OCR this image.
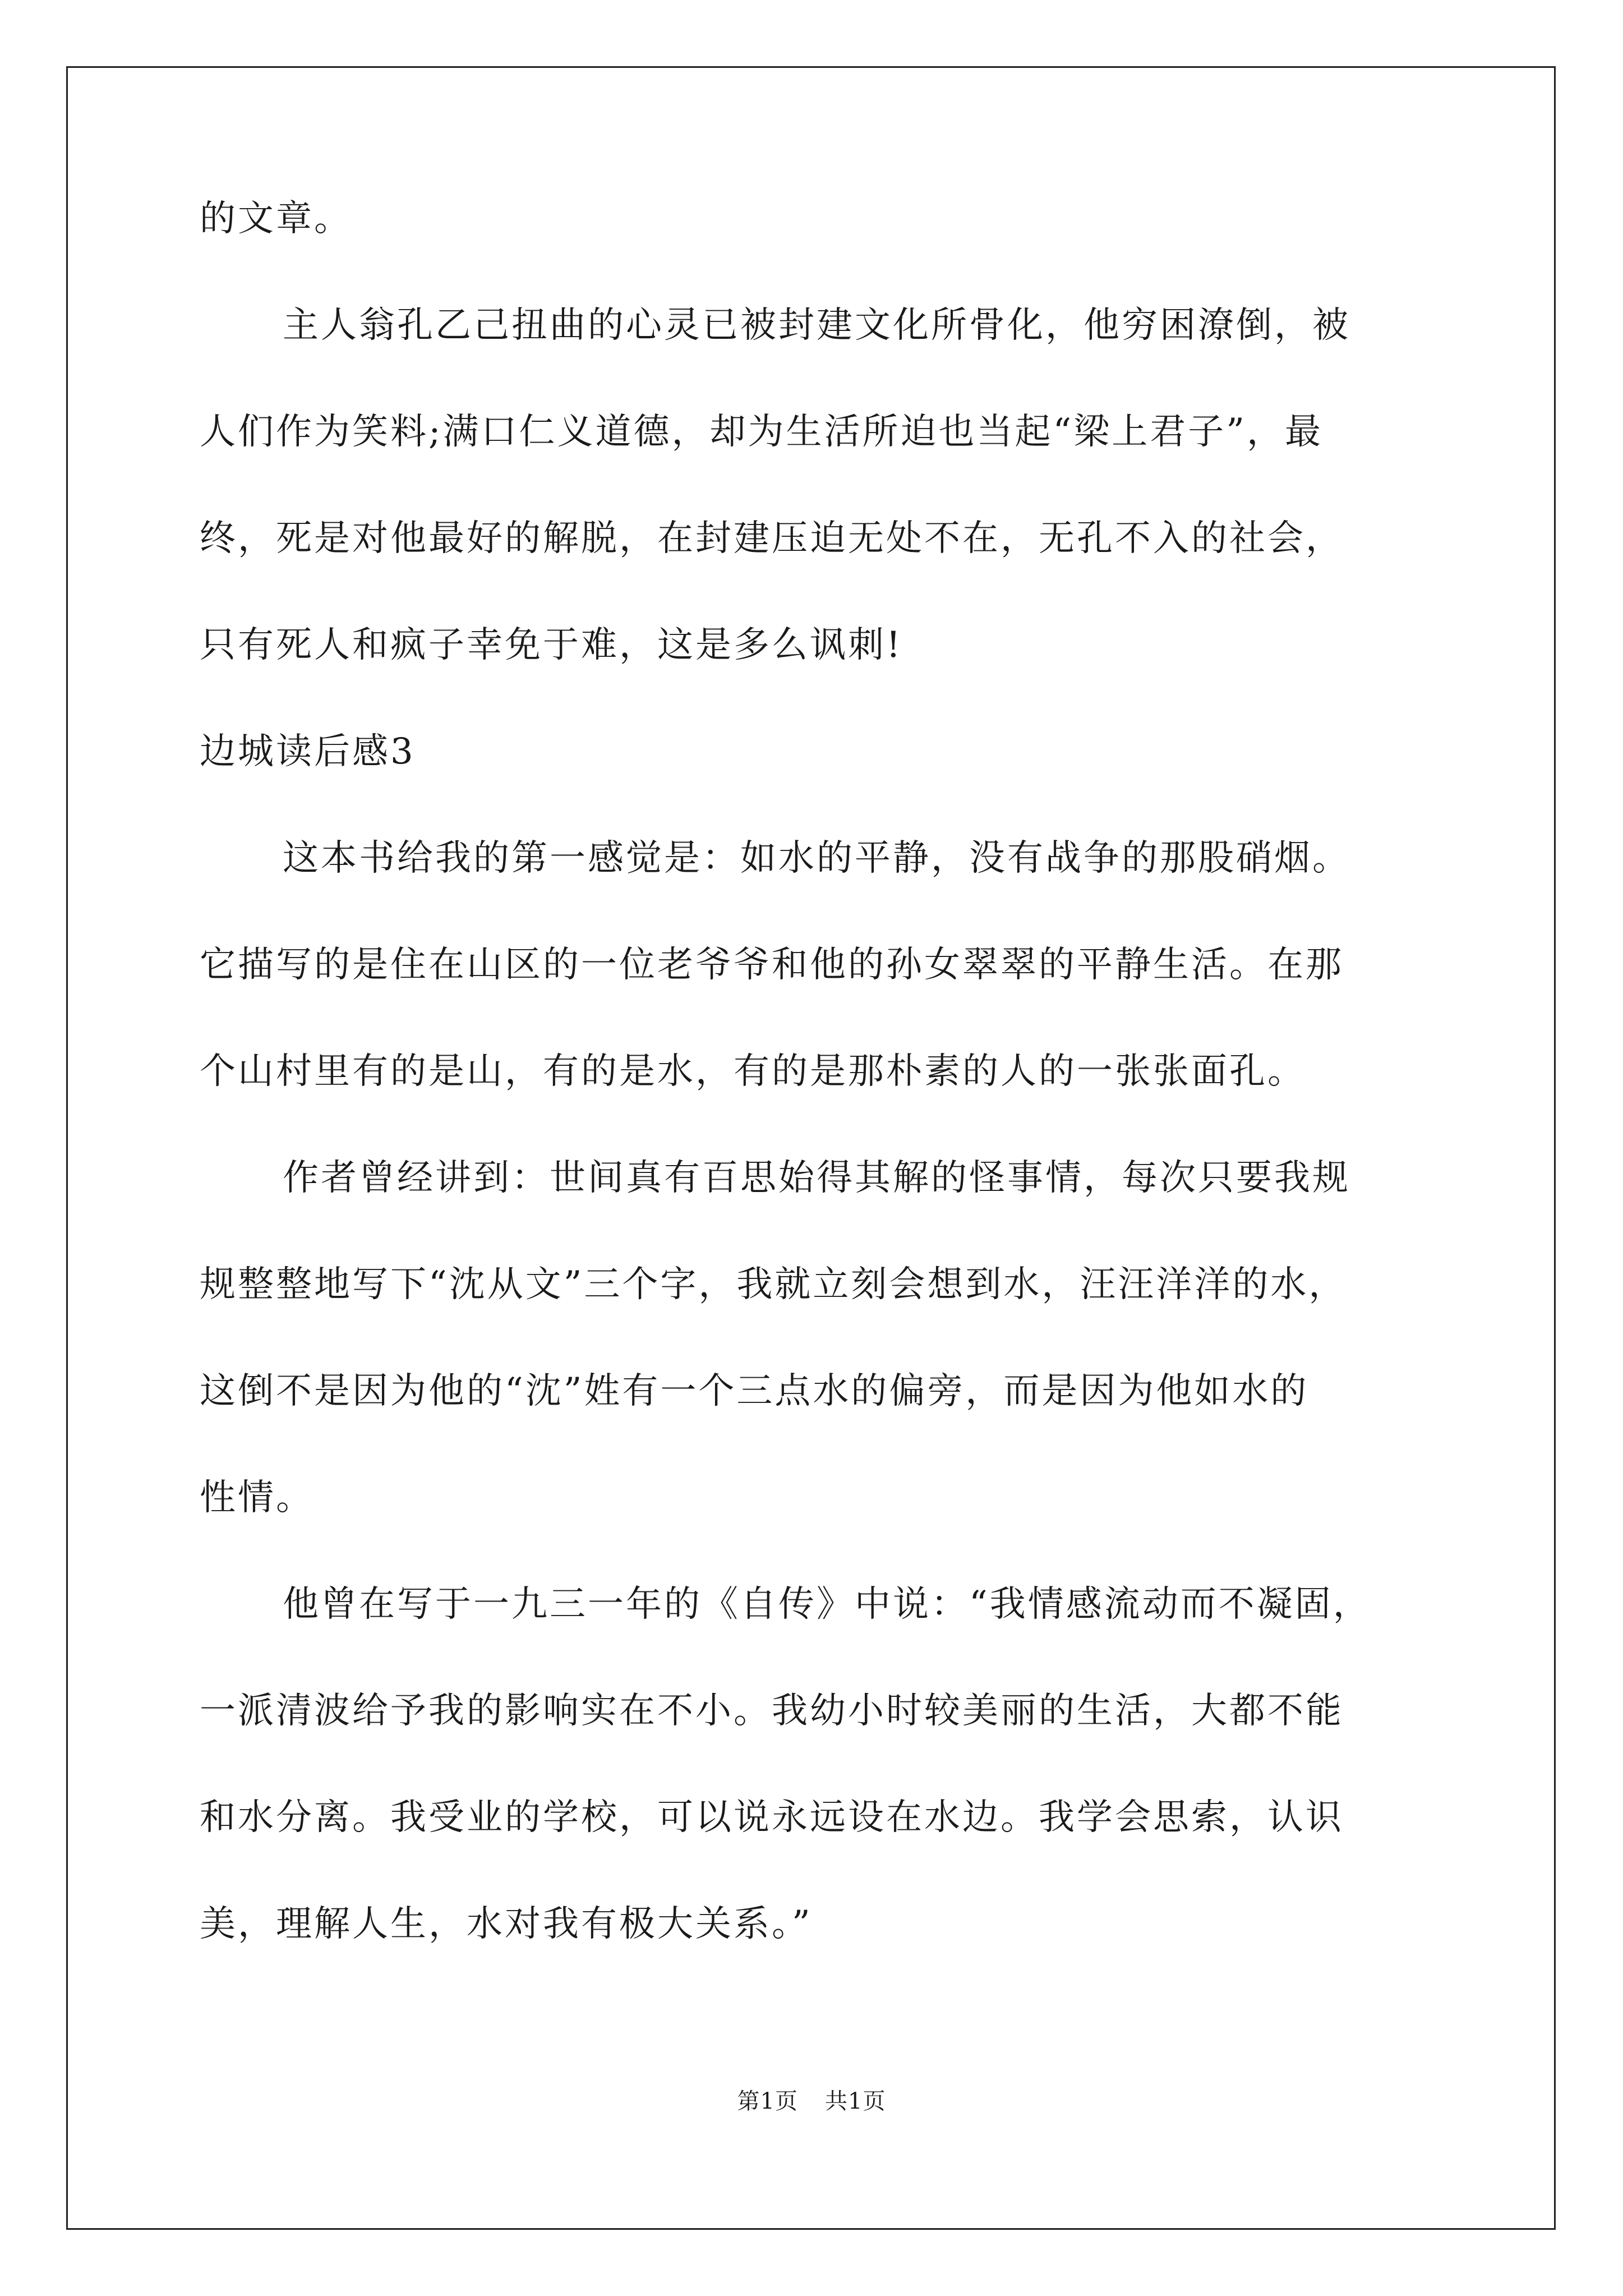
的文章。
主人翁孔乙己扭曲的心灵已被封建文化所骨化，他穷困潦倒，被
人们作为笑料;满口仁义道德，却为生活所迫也当起“梁上君子”，最
终，死是对他最好的解脱，在封建压迫无处不在，无孔不入的社会，
只有死人和疯子幸免于难，这是多么讽刺!
边城读后感3
这本书给我的第一感觉是：如水的平静，没有战争的那股硝烟。
它描写的是住在山区的一位老爷爷和他的孙女翠翠的平静生活。在那
个山村里有的是山，有的是水，有的是那朴素的人的一张张面孔。
作者曾经讲到：世间真有百思始得其解的怪事情，每次只要我规
规整整地写下“沈从文”三个字，我就立刻会想到水，汪汪洋洋的水，
这倒不是因为他的“沈”姓有一个三点水的偏旁，而是因为他如水的
性情。
他曾在写于一九三一年的《自传》中说：“我情感流动而不凝固，
一派清波给予我的影响实在不小。我幼小时较美丽的生活，大都不能
和水分离。我受业的学校，可以说永远设在水边。我学会思索，认识
美，理解人生，水对我有极大关系。”
第1页 共1页
